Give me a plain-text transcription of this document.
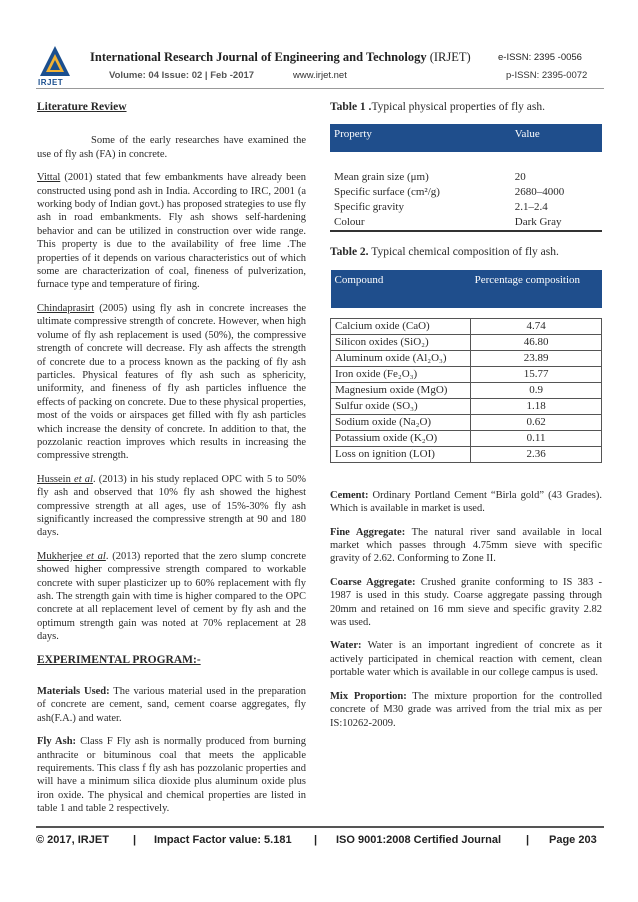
IRJET
International Research Journal of Engineering and Technology (IRJET)	e-ISSN: 2395 -0056
Volume: 04 Issue: 02 | Feb -2017	www.irjet.net	p-ISSN: 2395-0072
Literature Review

Some of the early researches have examined the use of fly ash (FA) in concrete.

Vittal (2001) stated that few embankments have already been constructed using pond ash in India. According to IRC, 2001 (a working body of Indian govt.) has proposed strategies to use fly ash in road embankments. Fly ash shows self-hardening behavior and can be utilized in construction over wide range. This property is due to the availability of free lime .The properties of it depends on various characteristics out of which some are characterization of coal, fineness of pulverization, furnace type and temperature of firing.

Chindaprasirt (2005) using fly ash in concrete increases the ultimate compressive strength of concrete. However, when high volume of fly ash replacement is used (50%), the compressive strength of concrete will decrease. Fly ash affects the strength of concrete due to a process known as the packing of fly ash particles. Physical features of fly ash such as sphericity, uniformity, and fineness of fly ash particles influence the effects of packing on concrete. Due to these physical properties, most of the voids or airspaces get filled with fly ash particles which increase the density of concrete. In addition to that, the pozzolanic reaction improves which results in increasing the compressive strength.

Hussein et al. (2013) in his study replaced OPC with 5 to 50% fly ash and observed that 10% fly ash showed the highest compressive strength at all ages, use of 15%-30% fly ash significantly increased the compressive strength at 90 and 180 days.

Mukherjee et al. (2013) reported that the zero slump concrete showed higher compressive strength compared to workable concrete with super plasticizer up to 60% replacement with fly ash. The strength gain with time is higher compared to the OPC concrete at all replacement level of cement by fly ash and the optimum strength gain was noted at 70% replacement at 28 days.

EXPERIMENTAL PROGRAM:-

Materials Used: The various material used in the preparation of concrete are cement, sand, cement coarse aggregates, fly ash(F.A.) and water.

Fly Ash: Class F Fly ash is normally produced from burning anthracite or bituminous coal that meets the applicable requirements. This class f fly ash has pozzolanic properties and will have a minimum silica dioxide plus aluminum oxide plus iron oxide. The physical and chemical properties are listed in table 1 and table 2 respectively.

Table 1 .Typical physical properties of fly ash.
Property	Value

Mean grain size (μm)	20
Specific surface (cm²/g)	2680–4000
Specific gravity	2.1–2.4
Colour	Dark Gray
Table 2. Typical chemical composition of fly ash.
Compound	Percentage composition

Calcium oxide (CaO)	4.74
Silicon oxides (SiO₂)	46.80
Aluminum oxide (Al₂O₃)	23.89
Iron oxide (Fe₂O₃)	15.77
Magnesium oxide (MgO)	0.9
Sulfur oxide (SO₃)	1.18
Sodium oxide (Na₂O)	0.62
Potassium oxide (K₂O)	0.11
Loss on ignition (LOI)	2.36

Cement: Ordinary Portland Cement “Birla gold” (43 Grades). Which is available in market is used.

Fine Aggregate: The natural river sand available in local market which passes through 4.75mm sieve with specific gravity of 2.62. Conforming to Zone II.

Coarse Aggregate: Crushed granite conforming to IS 383 - 1987 is used in this study. Coarse aggregate passing through 20mm and retained on 16 mm sieve and specific gravity 2.82 was used.

Water: Water is an important ingredient of concrete as it actively participated in chemical reaction with cement, clean portable water which is available in our college campus is used.

Mix Proportion: The mixture proportion for the controlled concrete of M30 grade was arrived from the trial mix as per IS:10262-2009.

© 2017, IRJET | Impact Factor value: 5.181 | ISO 9001:2008 Certified Journal | Page 203
